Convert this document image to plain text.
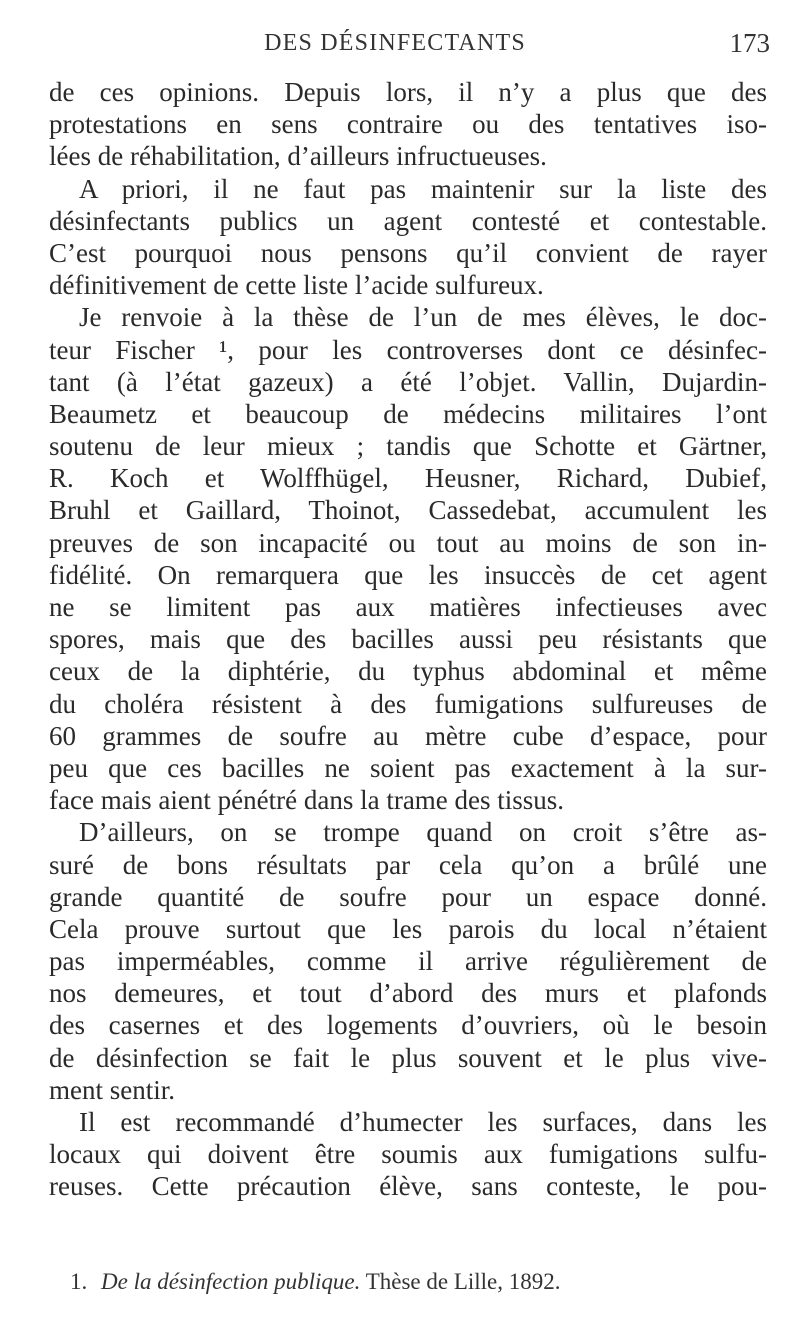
DES DÉSINFECTANTS	173
de ces opinions. Depuis lors, il n’y a plus que des
protestations en sens contraire ou des tentatives iso-
lées de réhabilitation, d’ailleurs infructueuses.
A priori, il ne faut pas maintenir sur la liste des
désinfectants publics un agent contesté et contestable.
C’est pourquoi nous pensons qu’il convient de rayer
définitivement de cette liste l’acide sulfureux.
Je renvoie à la thèse de l’un de mes élèves, le doc-
teur Fischer ¹, pour les controverses dont ce désinfec-
tant (à l’état gazeux) a été l’objet. Vallin, Dujardin-
Beaumetz et beaucoup de médecins militaires l’ont
soutenu de leur mieux ; tandis que Schotte et Gärtner,
R. Koch et Wolffhügel, Heusner, Richard, Dubief,
Bruhl et Gaillard, Thoinot, Cassedebat, accumulent les
preuves de son incapacité ou tout au moins de son in-
fidélité. On remarquera que les insuccès de cet agent
ne se limitent pas aux matières infectieuses avec
spores, mais que des bacilles aussi peu résistants que
ceux de la diphtérie, du typhus abdominal et même
du choléra résistent à des fumigations sulfureuses de
60 grammes de soufre au mètre cube d’espace, pour
peu que ces bacilles ne soient pas exactement à la sur-
face mais aient pénétré dans la trame des tissus.
D’ailleurs, on se trompe quand on croit s’être as-
suré de bons résultats par cela qu’on a brûlé une
grande quantité de soufre pour un espace donné.
Cela prouve surtout que les parois du local n’étaient
pas imperméables, comme il arrive régulièrement de
nos demeures, et tout d’abord des murs et plafonds
des casernes et des logements d’ouvriers, où le besoin
de désinfection se fait le plus souvent et le plus vive-
ment sentir.
Il est recommandé d’humecter les surfaces, dans les
locaux qui doivent être soumis aux fumigations sulfu-
reuses. Cette précaution élève, sans conteste, le pou-
1. De la désinfection publique. Thèse de Lille, 1892.
